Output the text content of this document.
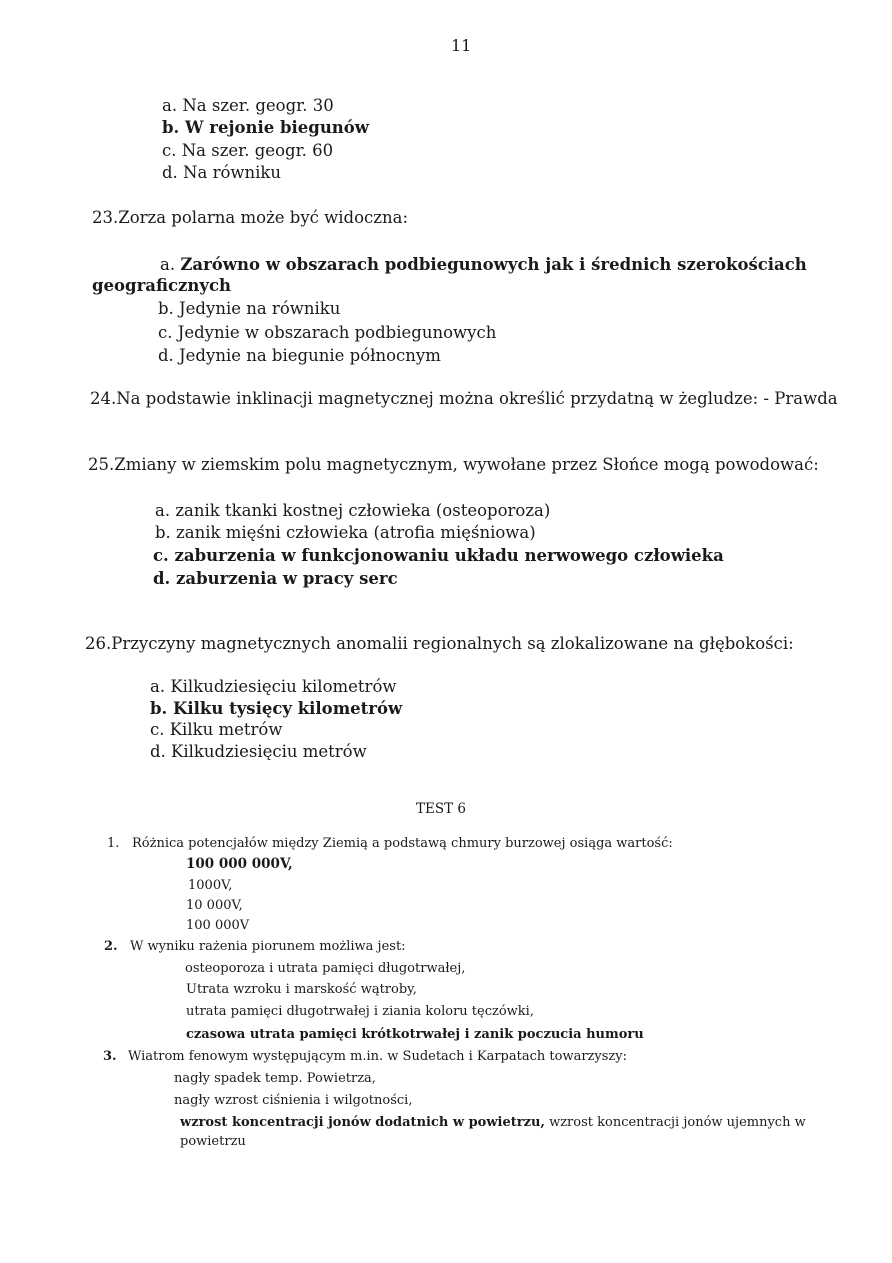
11
a. Na szer. geogr. 30
b. W rejonie biegunów
c. Na szer. geogr. 60
d. Na równiku
23.Zorza polarna może być widoczna:
a. Zarówno w obszarach podbiegunowych jak i średnich szerokościach
geograficznych
b. Jedynie na równiku
c. Jedynie w obszarach podbiegunowych
d. Jedynie na biegunie północnym
24.Na podstawie inklinacji magnetycznej można określić przydatną w żegludze: - Prawda
25.Zmiany w ziemskim polu magnetycznym, wywołane przez Słońce mogą powodować:
a. zanik tkanki kostnej człowieka (osteoporoza)
b. zanik mięśni człowieka (atrofia mięśniowa)
c. zaburzenia w funkcjonowaniu układu nerwowego człowieka
d. zaburzenia w pracy serc
26.Przyczyny magnetycznych anomalii regionalnych są zlokalizowane na głębokości:
a. Kilkudziesięciu kilometrów
b. Kilku tysięcy kilometrów
c. Kilku metrów
d. Kilkudziesięciu metrów
TEST 6
1. Różnica potencjałów między Ziemią a podstawą chmury burzowej osiąga wartość:
100 000 000V,
1000V,
10 000V,
100 000V
2. W wyniku rażenia piorunem możliwa jest:
osteoporoza i utrata pamięci długotrwałej,
Utrata wzroku i marskość wątroby,
utrata pamięci długotrwałej i ziania koloru tęczówki,
czasowa utrata pamięci krótkotrwałej i zanik poczucia humoru
3. Wiatrom fenowym występującym m.in. w Sudetach i Karpatach towarzyszy:
nagły spadek temp. Powietrza,
nagły wzrost ciśnienia i wilgotności,
wzrost koncentracji jonów dodatnich w powietrzu, wzrost koncentracji jonów ujemnych w
powietrzu
